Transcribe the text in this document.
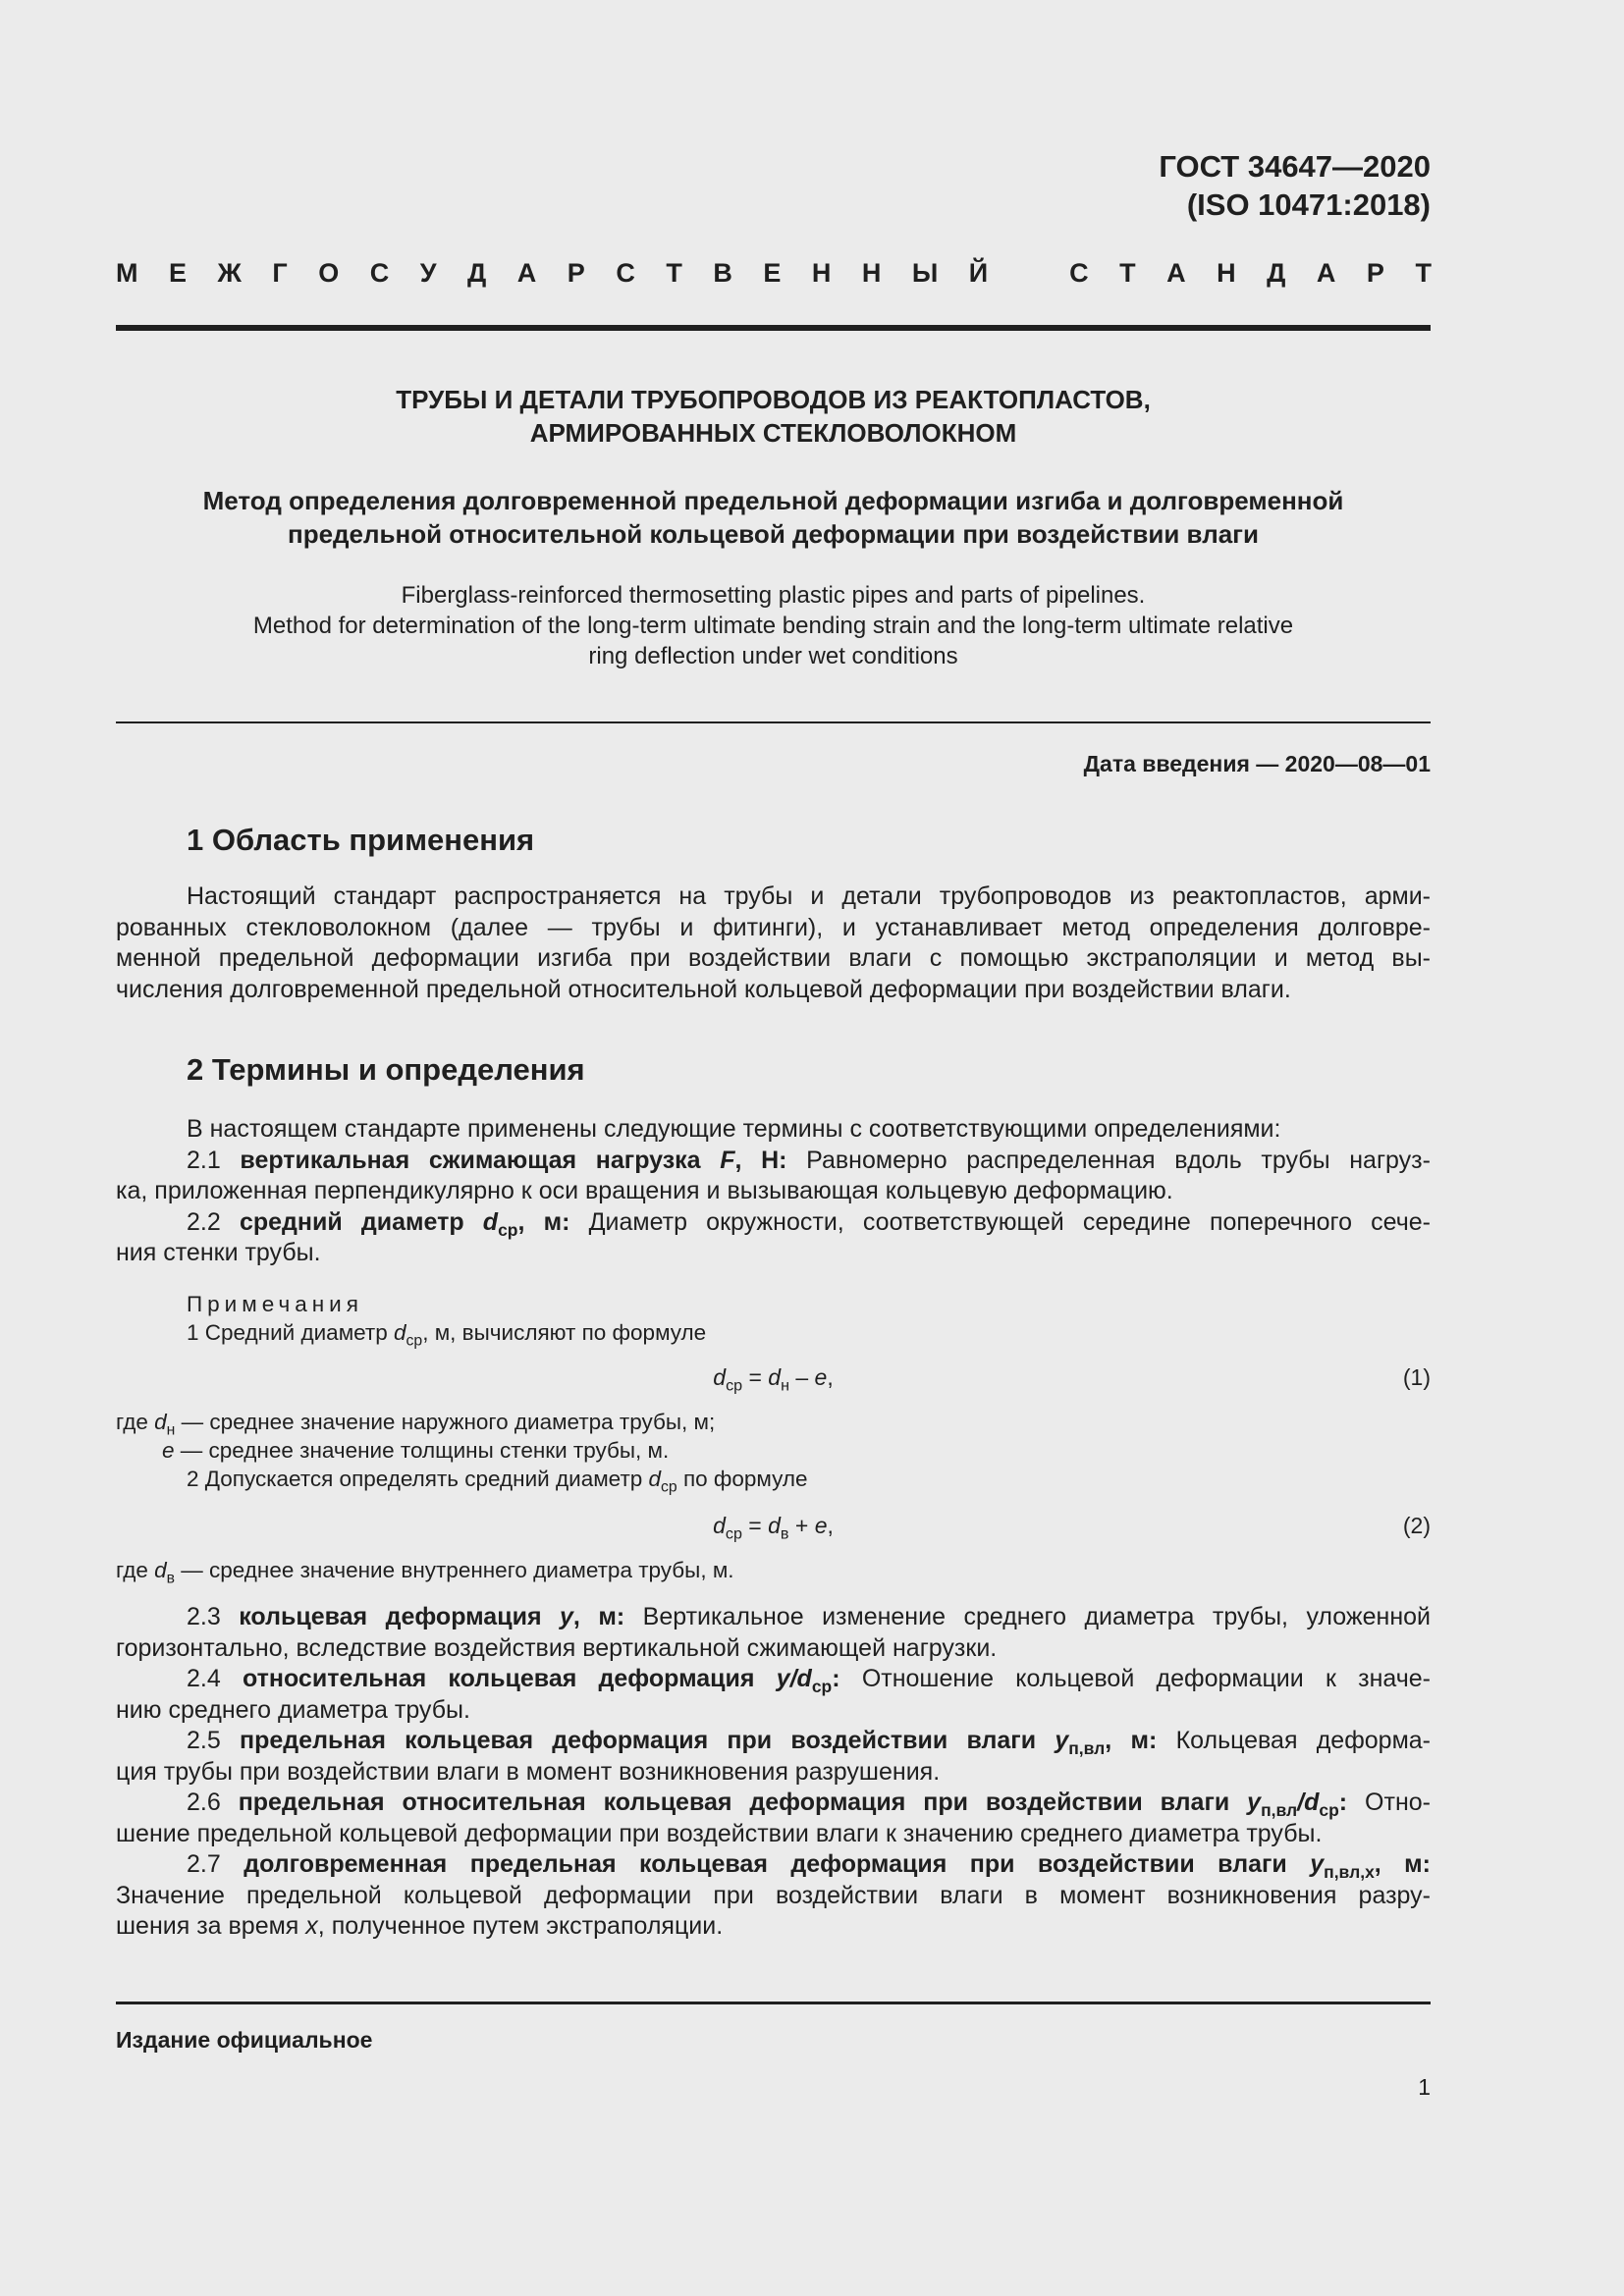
ГОСТ 34647—2020
(ISO 10471:2018)
М Е Ж Г О С У Д А Р С Т В Е Н Н Ы Й	С Т А Н Д А Р Т
ТРУБЫ И ДЕТАЛИ ТРУБОПРОВОДОВ ИЗ РЕАКТОПЛАСТОВ,
АРМИРОВАННЫХ СТЕКЛОВОЛОКНОМ
Метод определения долговременной предельной деформации изгиба и долговременной
предельной относительной кольцевой деформации при воздействии влаги
Fiberglass-reinforced thermosetting plastic pipes and parts of pipelines.
Method for determination of the long-term ultimate bending strain and the long-term ultimate relative
ring deflection under wet conditions
Дата введения — 2020—08—01
1 Область применения
Настоящий стандарт распространяется на трубы и детали трубопроводов из реактопластов, арми-
рованных стекловолокном (далее — трубы и фитинги), и устанавливает метод определения долговре-
менной предельной деформации изгиба при воздействии влаги с помощью экстраполяции и метод вы-
числения долговременной предельной относительной кольцевой деформации при воздействии влаги.
2 Термины и определения
В настоящем стандарте применены следующие термины с соответствующими определениями:
2.1 вертикальная сжимающая нагрузка F, Н: Равномерно распределенная вдоль трубы нагруз-
ка, приложенная перпендикулярно к оси вращения и вызывающая кольцевую деформацию.
2.2 средний диаметр $d_{ср}$, м: Диаметр окружности, соответствующей середине поперечного сече-
ния стенки трубы.
Примечания
1 Средний диаметр $d_{ср}$, м, вычисляют по формуле
$d_{ср} = d_н - e$,	(1)
где $d_н$ — среднее значение наружного диаметра трубы, м;
e — среднее значение толщины стенки трубы, м.
2 Допускается определять средний диаметр $d_{ср}$ по формуле
$d_{ср} = d_в + e$,	(2)
где $d_в$ — среднее значение внутреннего диаметра трубы, м.
2.3 кольцевая деформация y, м: Вертикальное изменение среднего диаметра трубы, уложенной
горизонтально, вследствие воздействия вертикальной сжимающей нагрузки.
2.4 относительная кольцевая деформация $y/d_{ср}$: Отношение кольцевой деформации к значе-
нию среднего диаметра трубы.
2.5 предельная кольцевая деформация при воздействии влаги $y_{п,вл}$, м: Кольцевая деформа-
ция трубы при воздействии влаги в момент возникновения разрушения.
2.6 предельная относительная кольцевая деформация при воздействии влаги $y_{п,вл}/d_{ср}$: Отно-
шение предельной кольцевой деформации при воздействии влаги к значению среднего диаметра трубы.
2.7 долговременная предельная кольцевая деформация при воздействии влаги $y_{п,вл,x}$, м:
Значение предельной кольцевой деформации при воздействии влаги в момент возникновения разру-
шения за время x, полученное путем экстраполяции.
Издание официальное
1
